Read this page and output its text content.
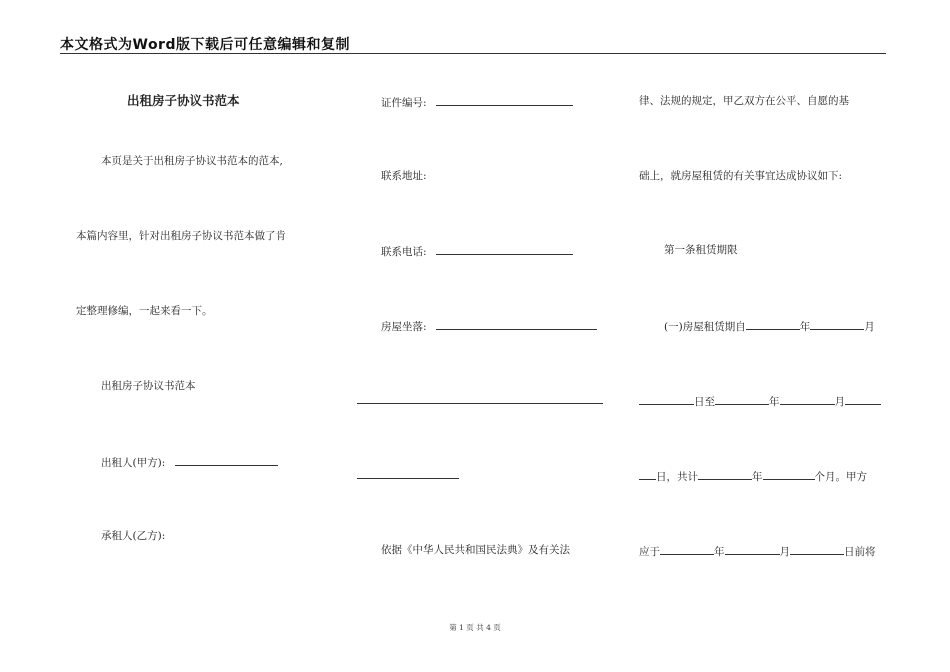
本文格式为Word版下载后可任意编辑和复制
出租房子协议书范本
本页是关于出租房子协议书范本的范本,
本篇内容里，针对出租房子协议书范本做了肯
定整理修编，一起来看一下。
出租房子协议书范本
出租人(甲方):
承租人(乙方):
证件编号:
联系地址:
联系电话:
房屋坐落:
依据《中华人民共和国民法典》及有关法
律、法规的规定，甲乙双方在公平、自愿的基
础上，就房屋租赁的有关事宜达成协议如下:
第一条租赁期限
(一)房屋租赁期自	年	月
日至	年	月
日，共计	年	个月。甲方
应于	年	月	日前将
第 1 页 共 4 页
